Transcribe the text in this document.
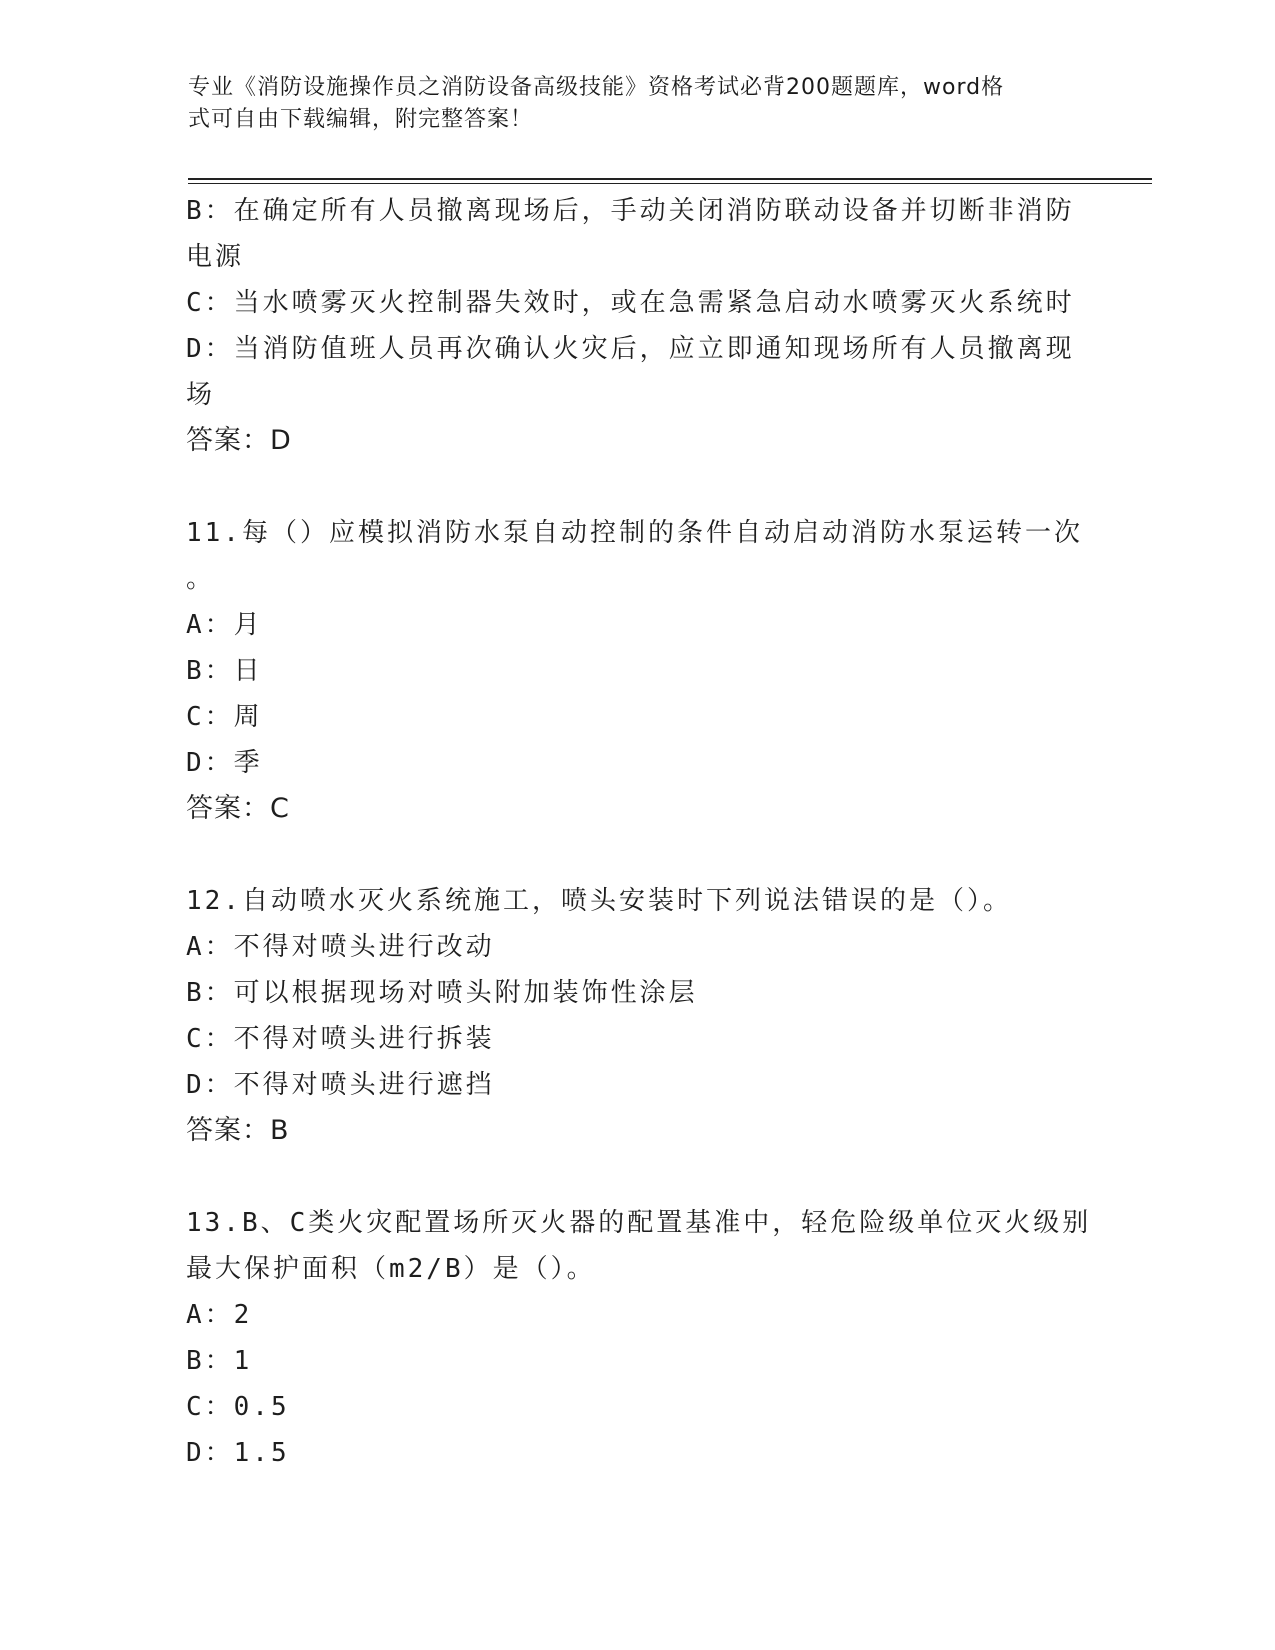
专业《消防设施操作员之消防设备高级技能》资格考试必背200题题库，word格

式可自由下载编辑，附完整答案！

B：在确定所有人员撤离现场后，手动关闭消防联动设备并切断非消防

电源

C：当水喷雾灭火控制器失效时，或在急需紧急启动水喷雾灭火系统时

D：当消防值班人员再次确认火灾后，应立即通知现场所有人员撤离现

场

答案：D

11.每（）应模拟消防水泵自动控制的条件自动启动消防水泵运转一次

。

A：月

B：日

C：周

D：季

答案：C

12.自动喷水灭火系统施工，喷头安装时下列说法错误的是（）。

A：不得对喷头进行改动

B：可以根据现场对喷头附加装饰性涂层

C：不得对喷头进行拆装

D：不得对喷头进行遮挡

答案：B

13.B、C类火灾配置场所灭火器的配置基准中，轻危险级单位灭火级别

最大保护面积（m2/B）是（）。

A：2

B：1

C：0.5

D：1.5
